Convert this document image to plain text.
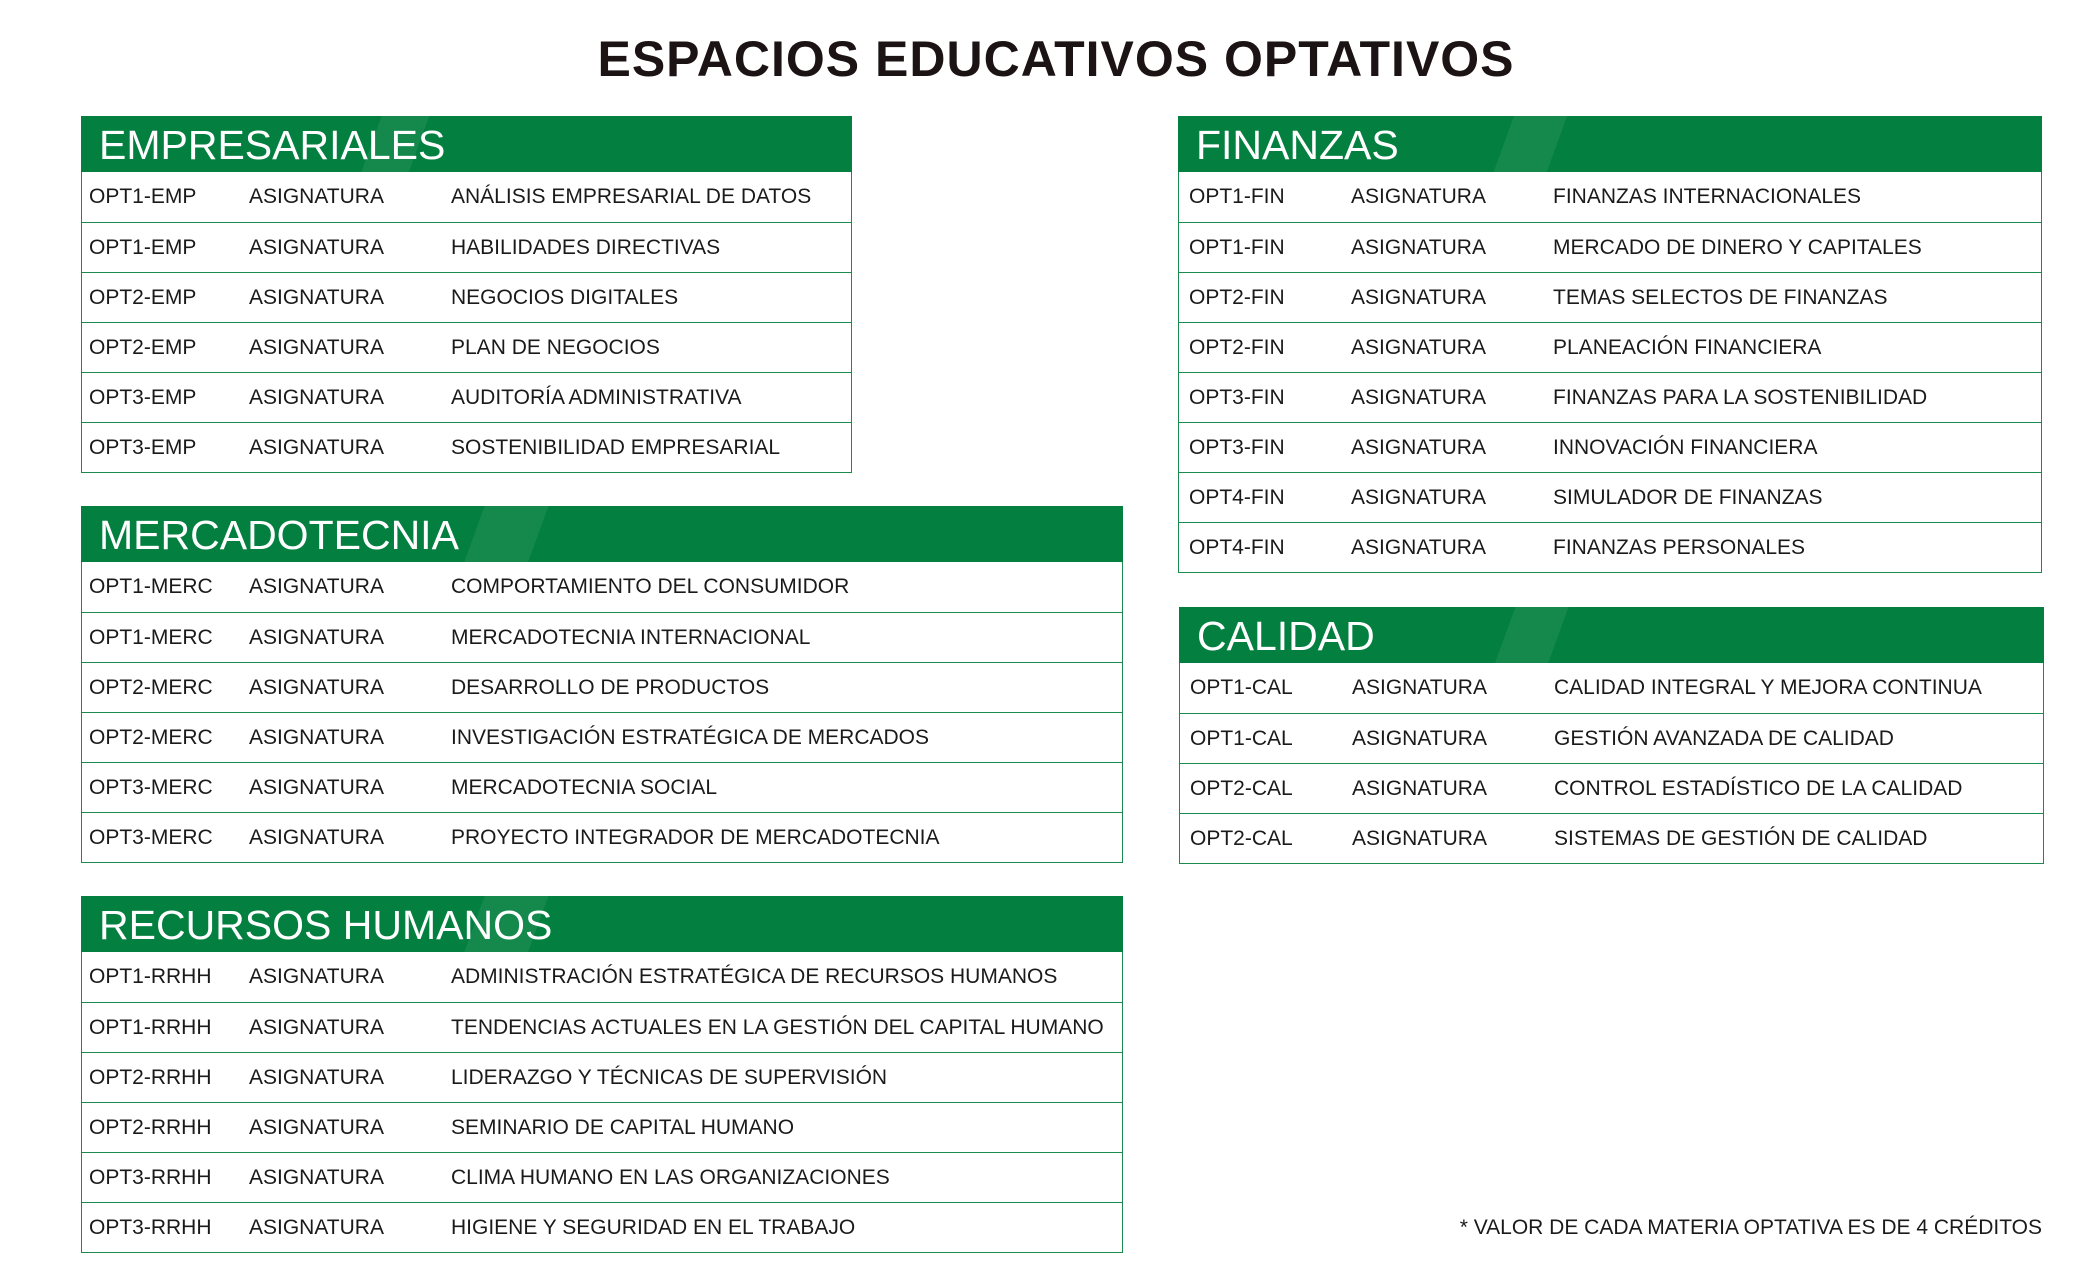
ESPACIOS EDUCATIVOS OPTATIVOS
EMPRESARIALES
OPT1-EMP	ASIGNATURA	ANÁLISIS EMPRESARIAL DE DATOS
OPT1-EMP	ASIGNATURA	HABILIDADES DIRECTIVAS
OPT2-EMP	ASIGNATURA	NEGOCIOS DIGITALES
OPT2-EMP	ASIGNATURA	PLAN DE NEGOCIOS
OPT3-EMP	ASIGNATURA	AUDITORÍA ADMINISTRATIVA
OPT3-EMP	ASIGNATURA	SOSTENIBILIDAD EMPRESARIAL
MERCADOTECNIA
OPT1-MERC	ASIGNATURA	COMPORTAMIENTO DEL CONSUMIDOR
OPT1-MERC	ASIGNATURA	MERCADOTECNIA INTERNACIONAL
OPT2-MERC	ASIGNATURA	DESARROLLO DE PRODUCTOS
OPT2-MERC	ASIGNATURA	INVESTIGACIÓN ESTRATÉGICA DE MERCADOS
OPT3-MERC	ASIGNATURA	MERCADOTECNIA SOCIAL
OPT3-MERC	ASIGNATURA	PROYECTO INTEGRADOR DE MERCADOTECNIA
RECURSOS HUMANOS
OPT1-RRHH	ASIGNATURA	ADMINISTRACIÓN ESTRATÉGICA DE RECURSOS HUMANOS
OPT1-RRHH	ASIGNATURA	TENDENCIAS ACTUALES EN LA GESTIÓN DEL CAPITAL HUMANO
OPT2-RRHH	ASIGNATURA	LIDERAZGO Y TÉCNICAS DE SUPERVISIÓN
OPT2-RRHH	ASIGNATURA	SEMINARIO DE CAPITAL HUMANO
OPT3-RRHH	ASIGNATURA	CLIMA HUMANO EN LAS ORGANIZACIONES
OPT3-RRHH	ASIGNATURA	HIGIENE Y SEGURIDAD EN EL TRABAJO
FINANZAS
OPT1-FIN	ASIGNATURA	FINANZAS INTERNACIONALES
OPT1-FIN	ASIGNATURA	MERCADO DE DINERO Y CAPITALES
OPT2-FIN	ASIGNATURA	TEMAS SELECTOS DE FINANZAS
OPT2-FIN	ASIGNATURA	PLANEACIÓN FINANCIERA
OPT3-FIN	ASIGNATURA	FINANZAS PARA LA SOSTENIBILIDAD
OPT3-FIN	ASIGNATURA	INNOVACIÓN FINANCIERA
OPT4-FIN	ASIGNATURA	SIMULADOR DE FINANZAS
OPT4-FIN	ASIGNATURA	FINANZAS PERSONALES
CALIDAD
OPT1-CAL	ASIGNATURA	CALIDAD INTEGRAL Y MEJORA CONTINUA
OPT1-CAL	ASIGNATURA	GESTIÓN AVANZADA DE CALIDAD
OPT2-CAL	ASIGNATURA	CONTROL ESTADÍSTICO DE LA CALIDAD
OPT2-CAL	ASIGNATURA	SISTEMAS DE GESTIÓN DE CALIDAD
* VALOR DE CADA MATERIA OPTATIVA ES DE 4 CRÉDITOS
